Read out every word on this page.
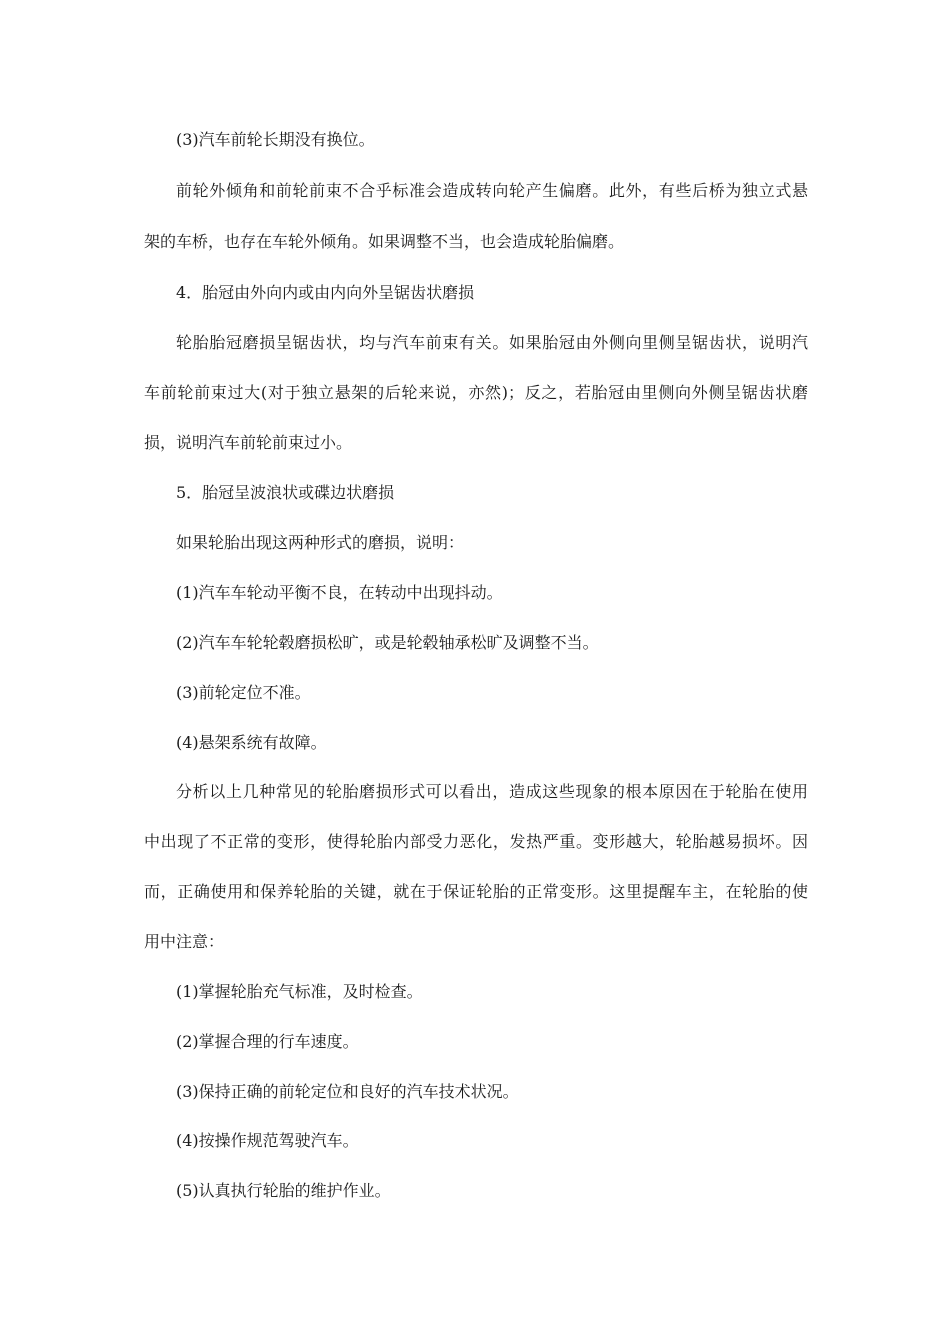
(3)汽车前轮长期没有换位。
前轮外倾角和前轮前束不合乎标准会造成转向轮产生偏磨。此外，有些后桥为独立式悬
架的车桥，也存在车轮外倾角。如果调整不当，也会造成轮胎偏磨。
4．胎冠由外向内或由内向外呈锯齿状磨损
轮胎胎冠磨损呈锯齿状，均与汽车前束有关。如果胎冠由外侧向里侧呈锯齿状，说明汽
车前轮前束过大(对于独立悬架的后轮来说，亦然)；反之，若胎冠由里侧向外侧呈锯齿状磨
损，说明汽车前轮前束过小。
5．胎冠呈波浪状或碟边状磨损
如果轮胎出现这两种形式的磨损，说明：
(1)汽车车轮动平衡不良，在转动中出现抖动。
(2)汽车车轮轮毂磨损松旷，或是轮毂轴承松旷及调整不当。
(3)前轮定位不准。
(4)悬架系统有故障。
分析以上几种常见的轮胎磨损形式可以看出，造成这些现象的根本原因在于轮胎在使用
中出现了不正常的变形，使得轮胎内部受力恶化，发热严重。变形越大，轮胎越易损坏。因
而，正确使用和保养轮胎的关键，就在于保证轮胎的正常变形。这里提醒车主，在轮胎的使
用中注意：
(1)掌握轮胎充气标准，及时检查。
(2)掌握合理的行车速度。
(3)保持正确的前轮定位和良好的汽车技术状况。
(4)按操作规范驾驶汽车。
(5)认真执行轮胎的维护作业。
